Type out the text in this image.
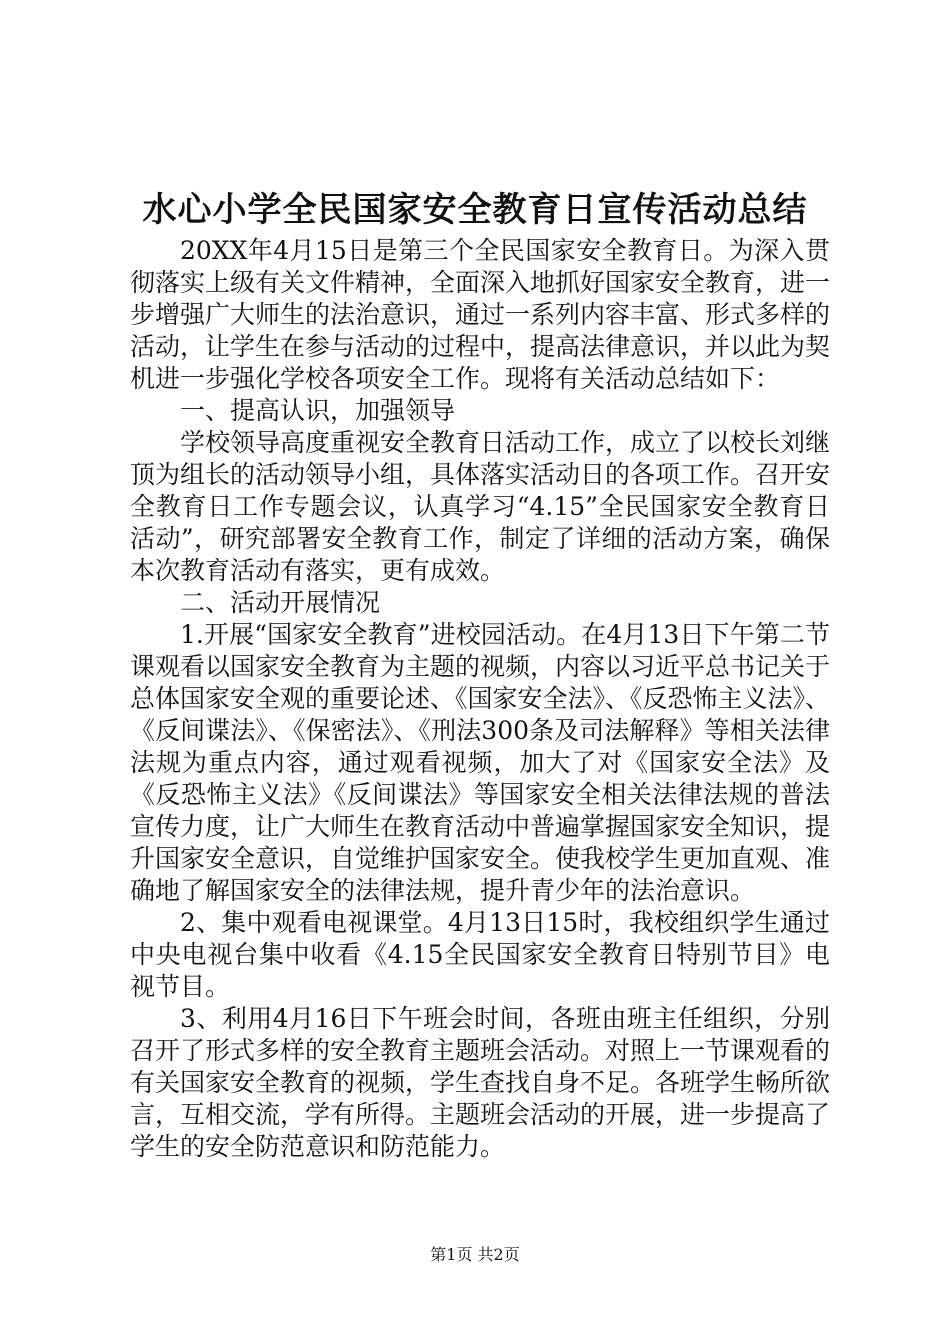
水心小学全民国家安全教育日宣传活动总结

20XX年4月15日是第三个全民国家安全教育日。为深入贯彻落实上级有关文件精神，全面深入地抓好国家安全教育，进一步增强广大师生的法治意识，通过一系列内容丰富、形式多样的活动，让学生在参与活动的过程中，提高法律意识，并以此为契机进一步强化学校各项安全工作。现将有关活动总结如下：

一、提高认识，加强领导

学校领导高度重视安全教育日活动工作，成立了以校长刘继顶为组长的活动领导小组，具体落实活动日的各项工作。召开安全教育日工作专题会议，认真学习“4.15”全民国家安全教育日活动”，研究部署安全教育工作，制定了详细的活动方案，确保本次教育活动有落实，更有成效。

二、活动开展情况

1.开展“国家安全教育”进校园活动。在4月13日下午第二节课观看以国家安全教育为主题的视频，内容以习近平总书记关于总体国家安全观的重要论述、《国家安全法》、《反恐怖主义法》、《反间谍法》、《保密法》、《刑法300条及司法解释》等相关法律法规为重点内容，通过观看视频，加大了对《国家安全法》及《反恐怖主义法》《反间谍法》等国家安全相关法律法规的普法宣传力度，让广大师生在教育活动中普遍掌握国家安全知识，提升国家安全意识，自觉维护国家安全。使我校学生更加直观、准确地了解国家安全的法律法规，提升青少年的法治意识。

2、集中观看电视课堂。4月13日15时，我校组织学生通过中央电视台集中收看《4.15全民国家安全教育日特别节目》电视节目。

3、利用4月16日下午班会时间，各班由班主任组织，分别召开了形式多样的安全教育主题班会活动。对照上一节课观看的有关国家安全教育的视频，学生查找自身不足。各班学生畅所欲言，互相交流，学有所得。主题班会活动的开展，进一步提高了学生的安全防范意识和防范能力。

第1页 共2页
